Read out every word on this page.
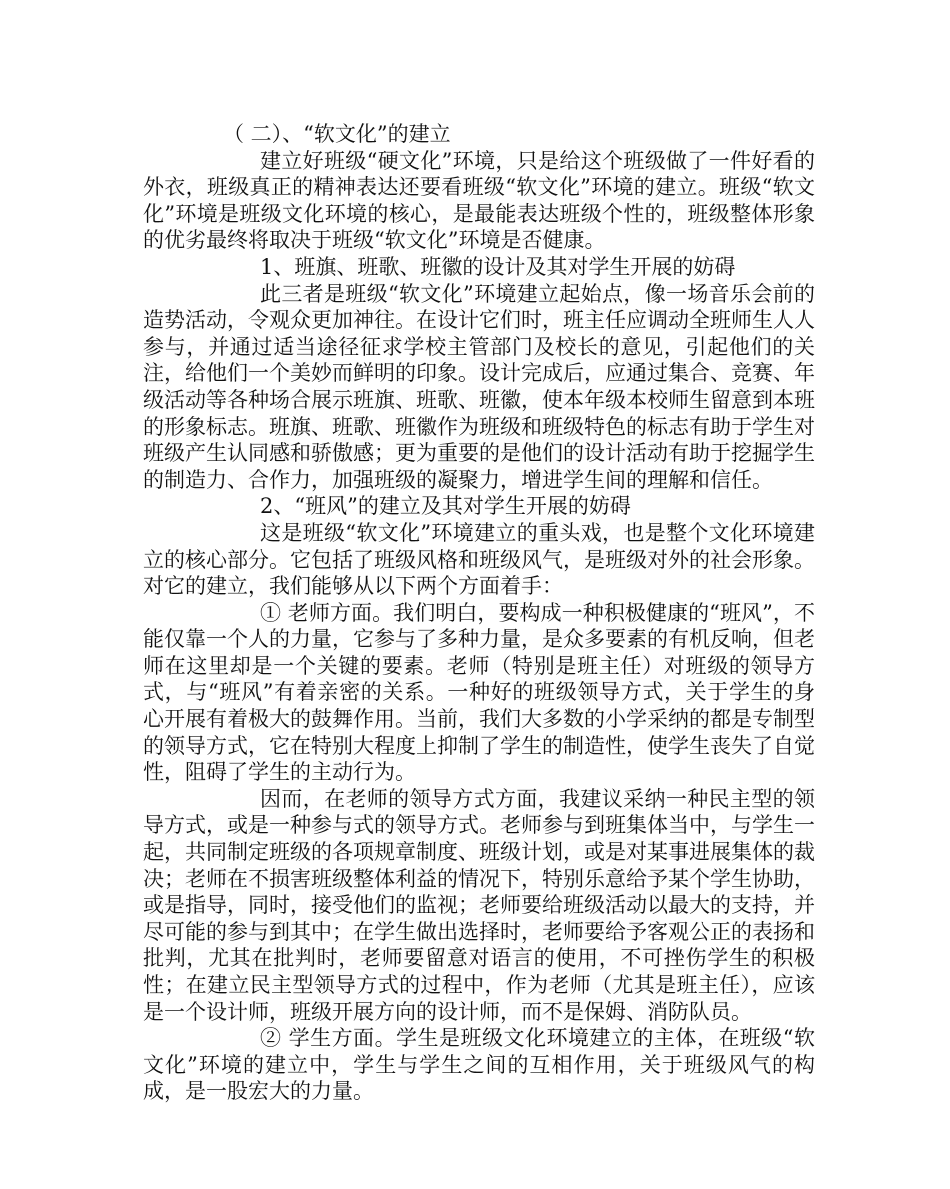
（ 二）、“软文化”的建立

建立好班级“硬文化”环境，只是给这个班级做了一件好看的外衣，班级真正的精神表达还要看班级“软文化”环境的建立。班级“软文化”环境是班级文化环境的核心，是最能表达班级个性的，班级整体形象的优劣最终将取决于班级“软文化”环境是否健康。

1、班旗、班歌、班徽的设计及其对学生开展的妨碍

此三者是班级“软文化”环境建立起始点，像一场音乐会前的造势活动，令观众更加神往。在设计它们时，班主任应调动全班师生人人参与，并通过适当途径征求学校主管部门及校长的意见，引起他们的关注，给他们一个美妙而鲜明的印象。设计完成后，应通过集合、竞赛、年级活动等各种场合展示班旗、班歌、班徽，使本年级本校师生留意到本班的形象标志。班旗、班歌、班徽作为班级和班级特色的标志有助于学生对班级产生认同感和骄傲感；更为重要的是他们的设计活动有助于挖掘学生的制造力、合作力，加强班级的凝聚力，增进学生间的理解和信任。

2、“班风”的建立及其对学生开展的妨碍

这是班级“软文化”环境建立的重头戏，也是整个文化环境建立的核心部分。它包括了班级风格和班级风气，是班级对外的社会形象。对它的建立，我们能够从以下两个方面着手：

① 老师方面。我们明白，要构成一种积极健康的“班风”，不能仅靠一个人的力量，它参与了多种力量，是众多要素的有机反响，但老师在这里却是一个关键的要素。老师（特别是班主任）对班级的领导方式，与“班风”有着亲密的关系。一种好的班级领导方式，关于学生的身心开展有着极大的鼓舞作用。当前，我们大多数的小学采纳的都是专制型的领导方式，它在特别大程度上抑制了学生的制造性，使学生丧失了自觉性，阻碍了学生的主动行为。

因而，在老师的领导方式方面，我建议采纳一种民主型的领导方式，或是一种参与式的领导方式。老师参与到班集体当中，与学生一起，共同制定班级的各项规章制度、班级计划，或是对某事进展集体的裁决；老师在不损害班级整体利益的情况下，特别乐意给予某个学生协助，或是指导，同时，接受他们的监视；老师要给班级活动以最大的支持，并尽可能的参与到其中；在学生做出选择时，老师要给予客观公正的表扬和批判，尤其在批判时，老师要留意对语言的使用，不可挫伤学生的积极性；在建立民主型领导方式的过程中，作为老师（尤其是班主任），应该是一个设计师，班级开展方向的设计师，而不是保姆、消防队员。

② 学生方面。学生是班级文化环境建立的主体，在班级“软文化”环境的建立中，学生与学生之间的互相作用，关于班级风气的构成，是一股宏大的力量。
